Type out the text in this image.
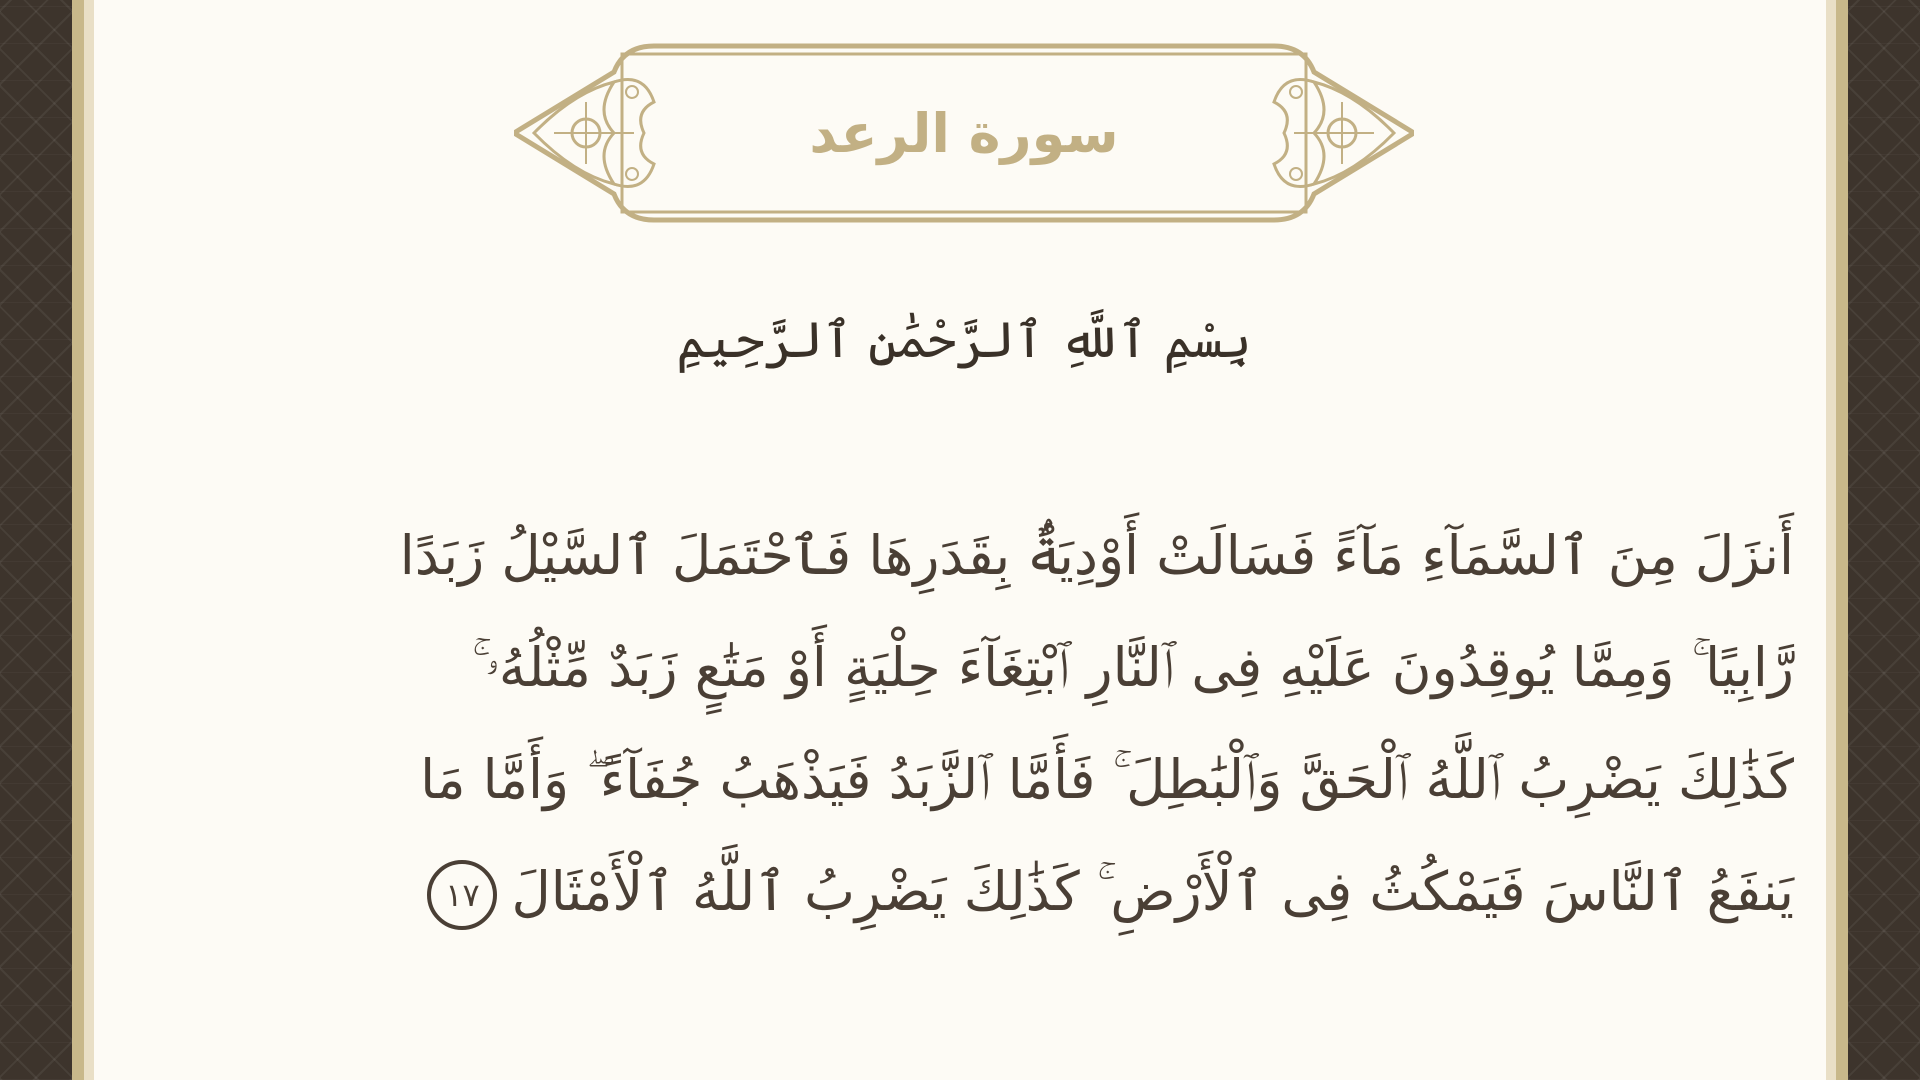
سورة الرعد
بِسْمِ ٱللَّهِ ٱلرَّحْمَٰنِ ٱلرَّحِيمِ
أَنزَلَ مِنَ ٱلسَّمَآءِ مَآءً فَسَالَتْ أَوْدِيَةٌۢ بِقَدَرِهَا فَٱحْتَمَلَ ٱلسَّيْلُ زَبَدًا
رَّابِيًا ۚ وَمِمَّا يُوقِدُونَ عَلَيْهِ فِى ٱلنَّارِ ٱبْتِغَآءَ حِلْيَةٍ أَوْ مَتَٰعٍ زَبَدٌ مِّثْلُهُۥ ۚ
كَذَٰلِكَ يَضْرِبُ ٱللَّهُ ٱلْحَقَّ وَٱلْبَٰطِلَ ۚ فَأَمَّا ٱلزَّبَدُ فَيَذْهَبُ جُفَآءً ۖ وَأَمَّا مَا
يَنفَعُ ٱلنَّاسَ فَيَمْكُثُ فِى ٱلْأَرْضِ ۚ كَذَٰلِكَ يَضْرِبُ ٱللَّهُ ٱلْأَمْثَالَ١٧
